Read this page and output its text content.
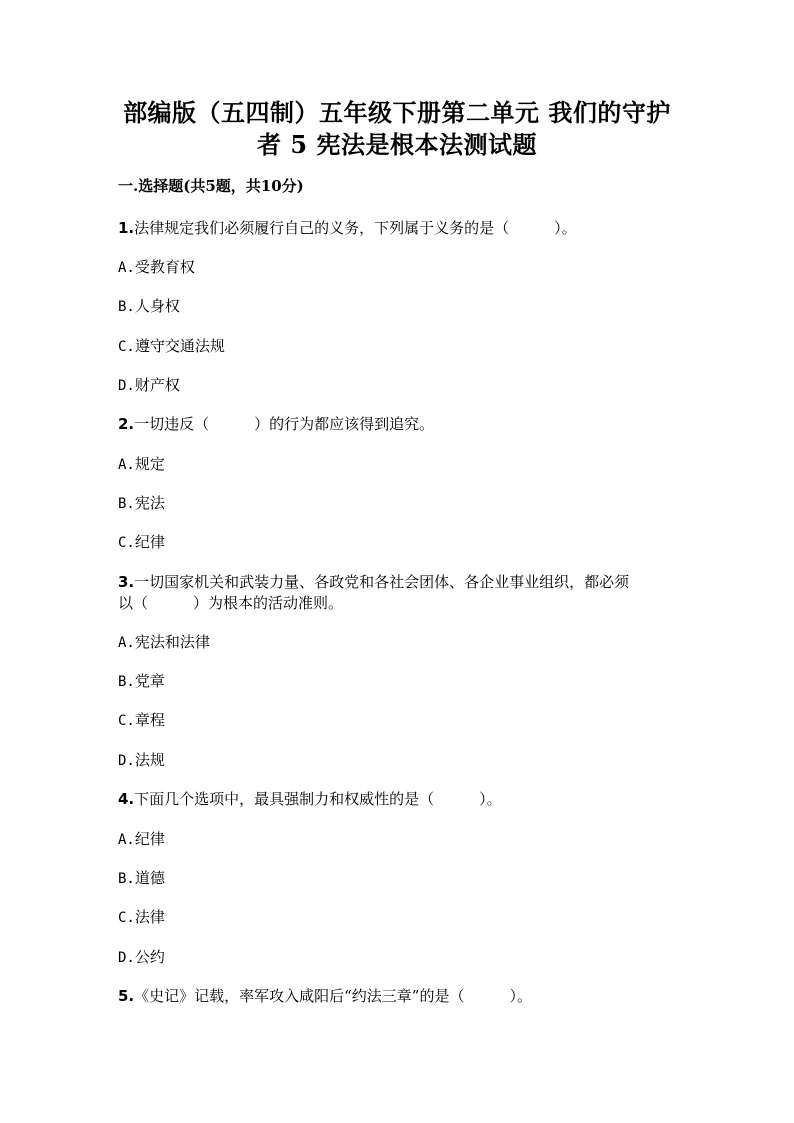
部编版（五四制）五年级下册第二单元 我们的守护
者 5 宪法是根本法测试题
一.选择题(共5题，共10分)
1.法律规定我们必须履行自己的义务，下列属于义务的是（　　　）。
A.受教育权
B.人身权
C.遵守交通法规
D.财产权
2.一切违反（　　　）的行为都应该得到追究。
A.规定
B.宪法
C.纪律
3.一切国家机关和武装力量、各政党和各社会团体、各企业事业组织，都必须
以（　　　）为根本的活动准则。
A.宪法和法律
B.党章
C.章程
D.法规
4.下面几个选项中，最具强制力和权威性的是（　　　）。
A.纪律
B.道德
C.法律
D.公约
5.《史记》记载，率军攻入咸阳后“约法三章”的是（　　　）。
